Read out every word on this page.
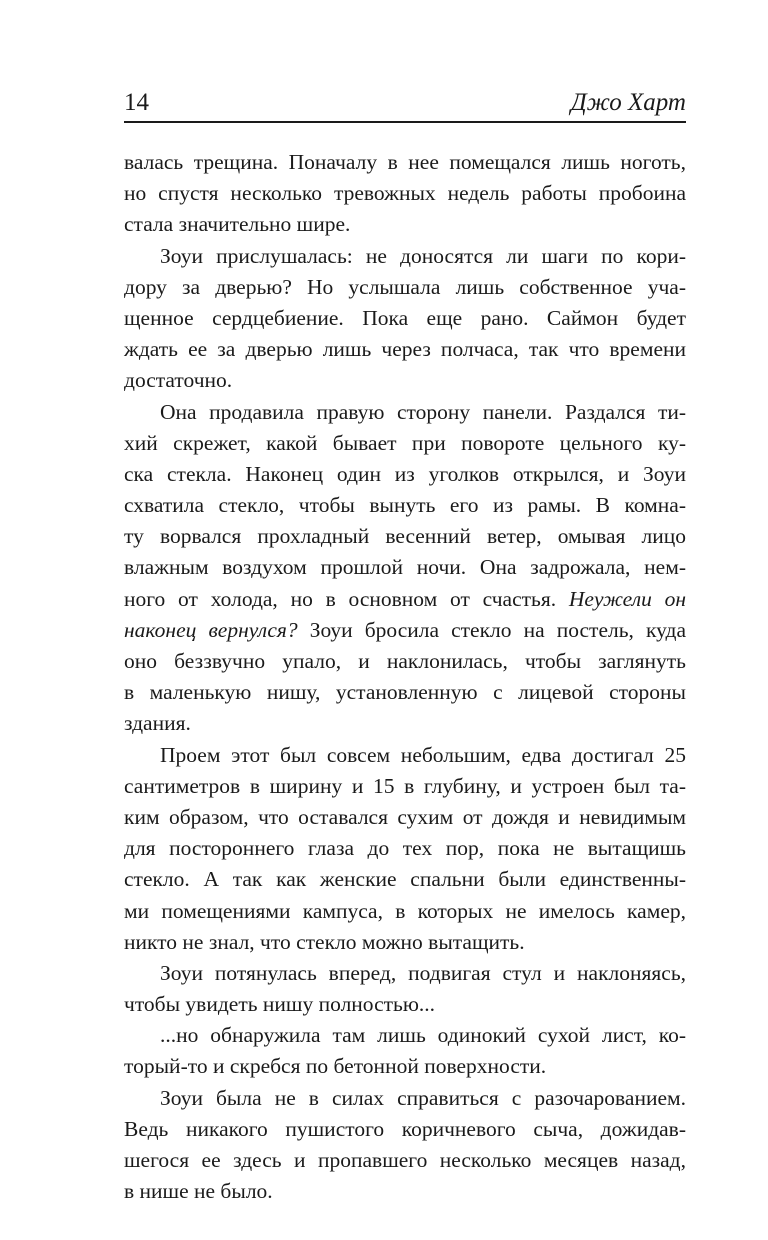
14	Джо Харт
валась трещина. Поначалу в нее помещался лишь ноготь,
но спустя несколько тревожных недель работы пробоина
стала значительно шире.
Зоуи прислушалась: не доносятся ли шаги по кори-
дору за дверью? Но услышала лишь собственное уча-
щенное сердцебиение. Пока еще рано. Саймон будет
ждать ее за дверью лишь через полчаса, так что времени
достаточно.
Она продавила правую сторону панели. Раздался ти-
хий скрежет, какой бывает при повороте цельного ку-
ска стекла. Наконец один из уголков открылся, и Зоуи
схватила стекло, чтобы вынуть его из рамы. В комна-
ту ворвался прохладный весенний ветер, омывая лицо
влажным воздухом прошлой ночи. Она задрожала, нем-
ного от холода, но в основном от счастья. Неужели он
наконец вернулся? Зоуи бросила стекло на постель, куда
оно беззвучно упало, и наклонилась, чтобы заглянуть
в маленькую нишу, установленную с лицевой стороны
здания.
Проем этот был совсем небольшим, едва достигал 25
сантиметров в ширину и 15 в глубину, и устроен был та-
ким образом, что оставался сухим от дождя и невидимым
для постороннего глаза до тех пор, пока не вытащишь
стекло. А так как женские спальни были единственны-
ми помещениями кампуса, в которых не имелось камер,
никто не знал, что стекло можно вытащить.
Зоуи потянулась вперед, подвигая стул и наклоняясь,
чтобы увидеть нишу полностью...
...но обнаружила там лишь одинокий сухой лист, ко-
торый-то и скребся по бетонной поверхности.
Зоуи была не в силах справиться с разочарованием.
Ведь никакого пушистого коричневого сыча, дожидав-
шегося ее здесь и пропавшего несколько месяцев назад,
в нише не было.
